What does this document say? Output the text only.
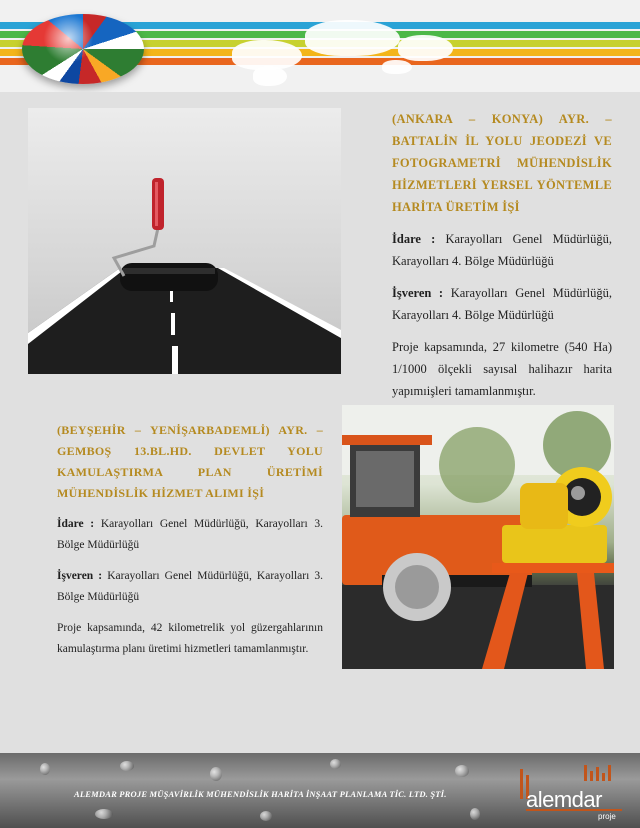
(ANKARA – KONYA) AYR. – BATTALİN İL YOLU JEODEZİ VE FOTOGRAMETRİ MÜHENDİSLİK HİZMETLERİ YERSEL YÖNTEMLE HARİTA ÜRETİM İŞİ

İdare : Karayolları Genel Müdürlüğü, Karayolları 4. Bölge Müdürlüğü

İşveren : Karayolları Genel Müdürlüğü, Karayolları 4. Bölge Müdürlüğü

Proje kapsamında, 27 kilometre (540 Ha) 1/1000 ölçekli sayısal halihazır harita yapımıişleri tamamlanmıştır.

(BEYŞEHİR – YENİŞARBADEMLİ) AYR. – GEMBOŞ 13.BL.HD. DEVLET YOLU KAMULAŞTIRMA PLAN ÜRETİMİ MÜHENDİSLİK HİZMET ALIMI İŞİ

İdare : Karayolları Genel Müdürlüğü, Karayolları 3. Bölge Müdürlüğü

İşveren : Karayolları Genel Müdürlüğü, Karayolları 3. Bölge Müdürlüğü

Proje kapsamında, 42 kilometrelik yol güzergahlarının kamulaştırma planı üretimi hizmetleri tamamlanmıştır.

ALEMDAR PROJE MÜŞAVİRLİK MÜHENDİSLİK HARİTA İNŞAAT PLANLAMA TİC. LTD. ŞTİ.	alemdar
proje
